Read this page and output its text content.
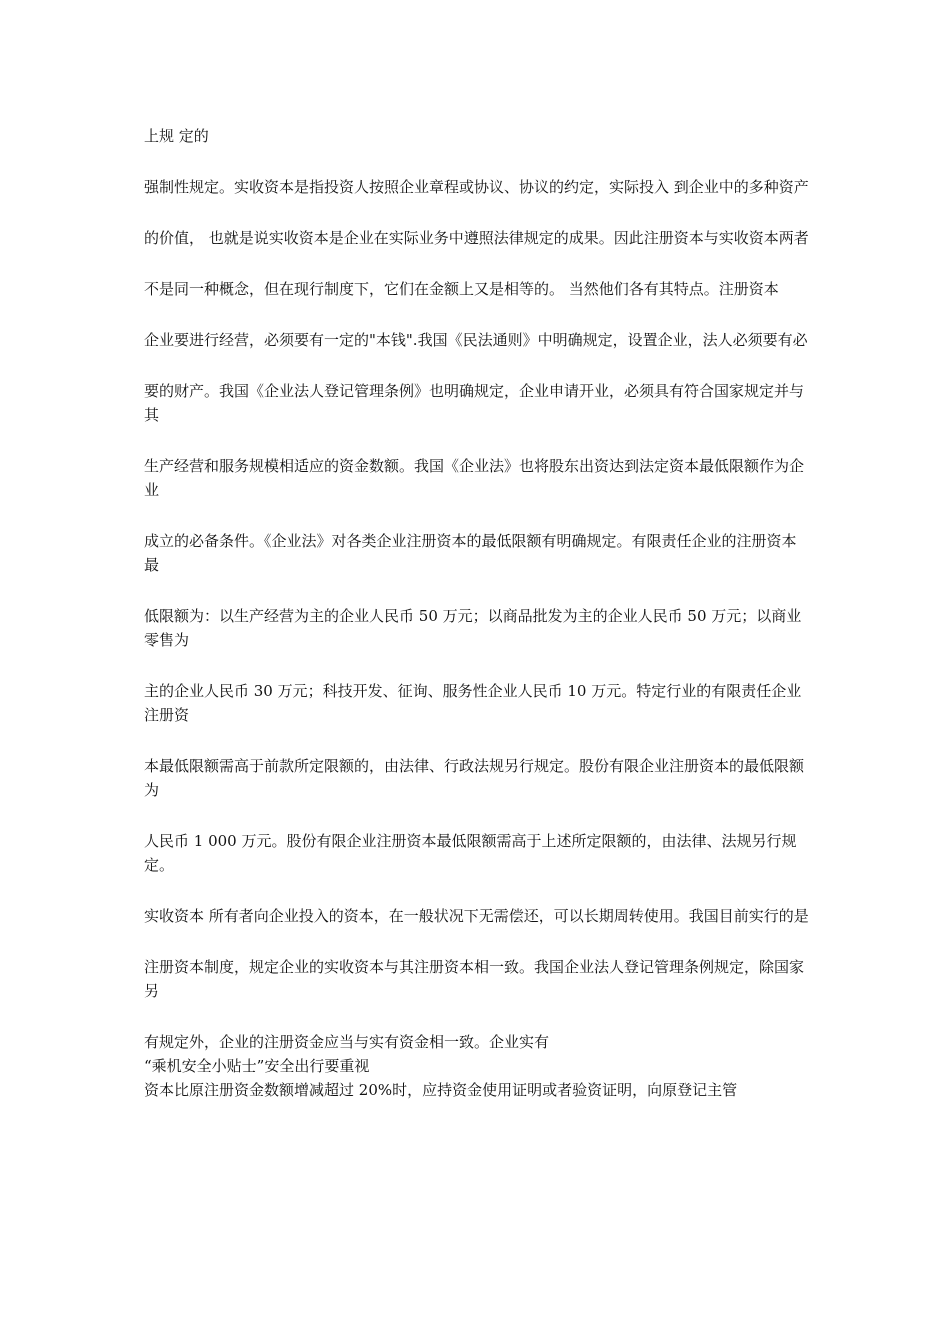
上规 定的

强制性规定。实收资本是指投资人按照企业章程或协议、协议的约定，实际投入 到企业中的多种资产

的价值， 也就是说实收资本是企业在实际业务中遵照法律规定的成果。因此注册资本与实收资本两者

不是同一种概念，但在现行制度下，它们在金额上又是相等的。 当然他们各有其特点。注册资本

企业要进行经营，必须要有一定的"本钱".我国《民法通则》中明确规定，设置企业，法人必须要有必

要的财产。我国《企业法人登记管理条例》也明确规定，企业申请开业，必须具有符合国家规定并与其

生产经营和服务规模相适应的资金数额。我国《企业法》也将股东出资达到法定资本最低限额作为企业

成立的必备条件。《企业法》对各类企业注册资本的最低限额有明确规定。有限责任企业的注册资本最

低限额为：以生产经营为主的企业人民币 50 万元；以商品批发为主的企业人民币 50 万元；以商业零售为

主的企业人民币 30 万元；科技开发、征询、服务性企业人民币 10 万元。特定行业的有限责任企业注册资

本最低限额需高于前款所定限额的，由法律、行政法规另行规定。股份有限企业注册资本的最低限额为

人民币 1 000 万元。股份有限企业注册资本最低限额需高于上述所定限额的，由法律、法规另行规定。

实收资本 所有者向企业投入的资本，在一般状况下无需偿还，可以长期周转使用。我国目前实行的是

注册资本制度，规定企业的实收资本与其注册资本相一致。我国企业法人登记管理条例规定，除国家另

有规定外，企业的注册资金应当与实有资金相一致。企业实有

“乘机安全小贴士”安全出行要重视

资本比原注册资金数额增减超过 20%时，应持资金使用证明或者验资证明，向原登记主管
